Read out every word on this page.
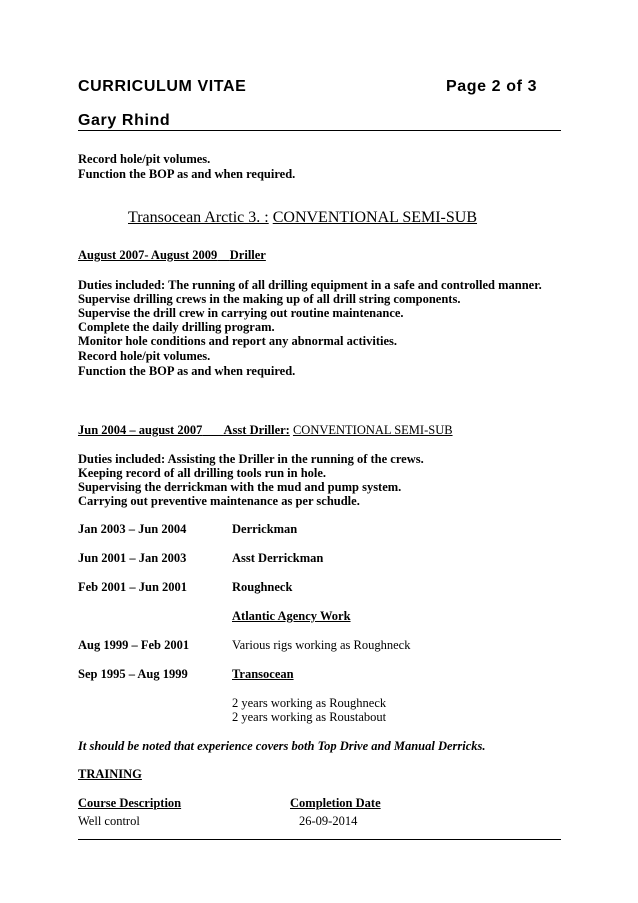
CURRICULUM VITAE	Page 2 of 3
Gary Rhind
Record hole/pit volumes.
Function the BOP as and when required.
Transocean Arctic 3. : CONVENTIONAL SEMI-SUB
August 2007- August 2009 Driller
Duties included: The running of all drilling equipment in a safe and controlled manner.
Supervise drilling crews in the making up of all drill string components.
Supervise the drill crew in carrying out routine maintenance.
Complete the daily drilling program.
Monitor hole conditions and report any abnormal activities.
Record hole/pit volumes.
Function the BOP as and when required.
Jun 2004 – august 2007 Asst Driller: CONVENTIONAL SEMI-SUB
Duties included: Assisting the Driller in the running of the crews.
Keeping record of all drilling tools run in hole.
Supervising the derrickman with the mud and pump system.
Carrying out preventive maintenance as per schudle.
Jan 2003 – Jun 2004	Derrickman
Jun 2001 – Jan 2003	Asst Derrickman
Feb 2001 – Jun 2001	Roughneck
Atlantic Agency Work
Aug 1999 – Feb 2001	Various rigs working as Roughneck
Sep 1995 – Aug 1999	Transocean
2 years working as Roughneck
2 years working as Roustabout
It should be noted that experience covers both Top Drive and Manual Derricks.
TRAINING
Course Description	Completion Date
Well control	26-09-2014
